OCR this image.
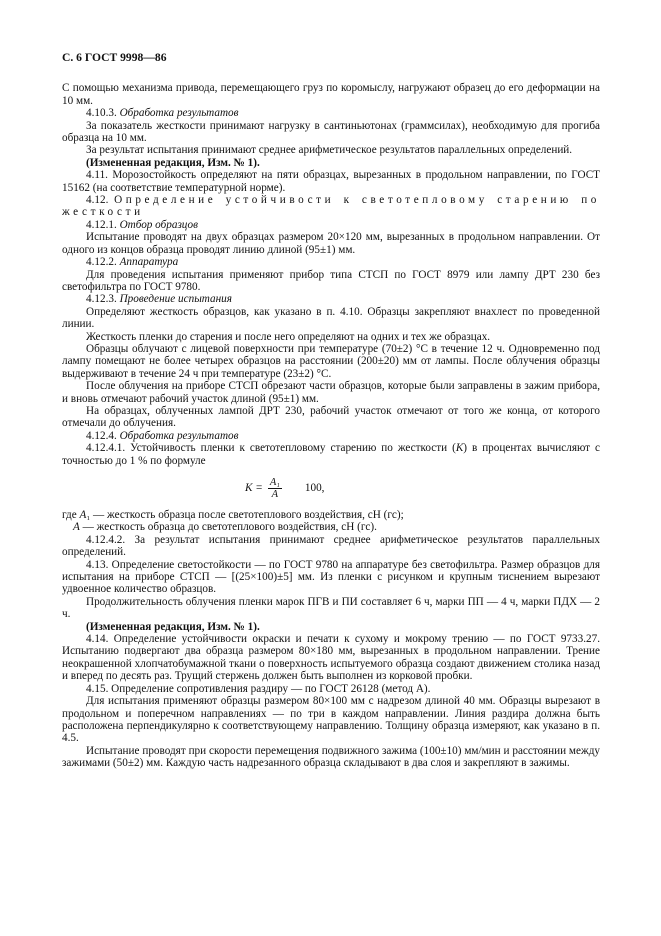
С. 6 ГОСТ 9998—86

С помощью механизма привода, перемещающего груз по коромыслу, нагружают образец до его деформации на 10 мм.

4.10.3. Обработка результатов

За показатель жесткости принимают нагрузку в сантиньютонах (граммсилах), необходимую для прогиба образца на 10 мм.

За результат испытания принимают среднее арифметическое результатов параллельных определений.

(Измененная редакция, Изм. № 1).

4.11. Морозостойкость определяют на пяти образцах, вырезанных в продольном направлении, по ГОСТ 15162 (на соответствие температурной норме).

4.12. Определение устойчивости к светотепловому старению по жесткости

4.12.1. Отбор образцов

Испытание проводят на двух образцах размером 20×120 мм, вырезанных в продольном направлении. От одного из концов образца проводят линию длиной (95±1) мм.

4.12.2. Аппаратура

Для проведения испытания применяют прибор типа СТСП по ГОСТ 8979 или лампу ДРТ 230 без светофильтра по ГОСТ 9780.

4.12.3. Проведение испытания

Определяют жесткость образцов, как указано в п. 4.10. Образцы закрепляют внахлест по проведенной линии.

Жесткость пленки до старения и после него определяют на одних и тех же образцах.

Образцы облучают с лицевой поверхности при температуре (70±2) °С в течение 12 ч. Одновременно под лампу помещают не более четырех образцов на расстоянии (200±20) мм от лампы. После облучения образцы выдерживают в течение 24 ч при температуре (23±2) °С.

После облучения на приборе СТСП обрезают части образцов, которые были заправлены в зажим прибора, и вновь отмечают рабочий участок длиной (95±1) мм.

На образцах, облученных лампой ДРТ 230, рабочий участок отмечают от того же конца, от которого отмечали до облучения.

4.12.4. Обработка результатов

4.12.4.1. Устойчивость пленки к светотепловому старению по жесткости (К) в процентах вычисляют с точностью до 1 % по формуле

$K = \frac{\text{A₁}}{A} 100$,

где A₁ — жесткость образца после светотеплового воздействия, сН (гс);

A — жесткость образца до светотеплового воздействия, сН (гс).

4.12.4.2. За результат испытания принимают среднее арифметическое результатов параллельных определений.

4.13. Определение светостойкости — по ГОСТ 9780 на аппаратуре без светофильтра. Размер образцов для испытания на приборе СТСП — [(25×100)±5] мм. Из пленки с рисунком и крупным тиснением вырезают удвоенное количество образцов.

Продолжительность облучения пленки марок ПГВ и ПИ составляет 6 ч, марки ПП — 4 ч, марки ПДХ — 2 ч.

(Измененная редакция, Изм. № 1).

4.14. Определение устойчивости окраски и печати к сухому и мокрому трению — по ГОСТ 9733.27. Испытанию подвергают два образца размером 80×180 мм, вырезанных в продольном направлении. Трение неокрашенной хлопчатобумажной ткани о поверхность испытуемого образца создают движением столика назад и вперед по десять раз. Трущий стержень должен быть выполнен из корковой пробки.

4.15. Определение сопротивления раздиру — по ГОСТ 26128 (метод А).

Для испытания применяют образцы размером 80×100 мм с надрезом длиной 40 мм. Образцы вырезают в продольном и поперечном направлениях — по три в каждом направлении. Линия раздира должна быть расположена перпендикулярно к соответствующему направлению. Толщину образца измеряют, как указано в п. 4.5.

Испытание проводят при скорости перемещения подвижного зажима (100±10) мм/мин и расстоянии между зажимами (50±2) мм. Каждую часть надрезанного образца складывают в два слоя и закрепляют в зажимы.
